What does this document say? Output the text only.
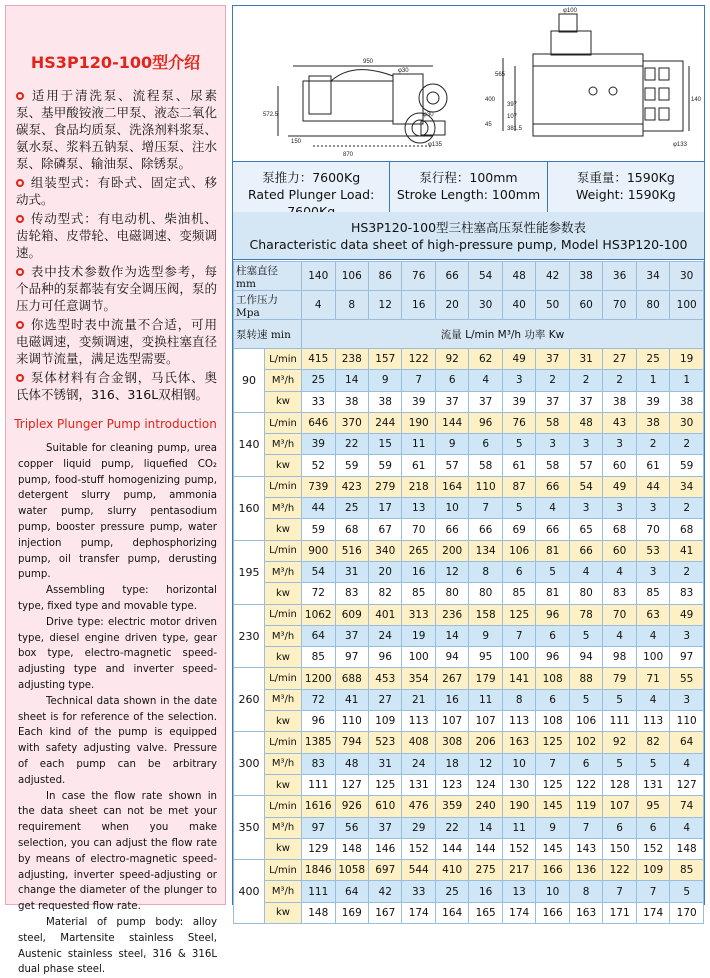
HS3P120-100型介绍
适用于清洗泵、流程泵、尿素泵、基甲酸铵液二甲泵、液态二氧化碳泵、食品均质泵、洗涤剂料浆泵、氨水泵、浆料五钠泵、增压泵、注水泵、除磷泵、输油泵、除锈泵。
组装型式：有卧式、固定式、移动式。
传动型式：有电动机、柴油机、齿轮箱、皮带轮、电磁调速、变频调速。
表中技术参数作为选型参考，每个品种的泵都装有安全调压阀，泵的压力可任意调节。
你选型时表中流量不合适，可用电磁调速，变频调速，变换柱塞直径来调节流量，满足选型需要。
泵体材料有合金钢，马氏体、奥氏体不锈钢，316、316L双相钢。
Triplex Plunger Pump introduction

Suitable for cleaning pump, urea copper liquid pump, liquefied CO₂ pump, food-stuff homogenizing pump, detergent slurry pump, ammonia water pump, slurry pentasodium pump, booster pressure pump, water injection pump, dephosphorizing pump, oil transfer pump, derusting pump.

Assembling type: horizontal type, fixed type and movable type.

Drive type: electric motor driven type, diesel engine driven type, gear box type, electro-magnetic speed-adjusting type and inverter speed-adjusting type.

Technical data shown in the date sheet is for reference of the selection. Each kind of the pump is equipped with safety adjusting valve. Pressure of each pump can be arbitrary adjusted.

In case the flow rate shown in the data sheet can not be met your requirement when you make selection, you can adjust the flow rate by means of electro-magnetic speed-adjusting, inverter speed-adjusting or change the diameter of the plunger to get requested flow rate.

Material of pump body: alloy steel, Martensite stainless Steel, Austenic stainless steel, 316 & 316L dual phase steel.

950
φ100
φ30
870
150
572.5
φ135
φ30
565
400
397
107
381.5
45
140
φ133
泵推力：7600Kg
Rated Plunger Load:
泵行程：100mm
Stroke Length: 100mm
泵重量：1590Kg
Weight: 1590Kg
HS3P120-100型三柱塞高压泵性能参数表
Characteristic data sheet of high-pressure pump, Model HS3P120-100
柱塞直径 mm		140	106	86	76	66	54	48	42	38	36	34	30
工作压力 Mpa		4	8	12	16	20	30	40	50	60	70	80	100
泵转速 min		流量 L/min M³/h 功率 Kw											
90	L/min	415	238	157	122	92	62	49	37	31	27	25	19
	M³/h	25	14	9	7	6	4	3	2	2	2	1	1
	kw	33	38	38	39	37	37	39	37	37	38	39	38
140	L/min	646	370	244	190	144	96	76	58	48	43	38	30
	M³/h	39	22	15	11	9	6	5	3	3	3	2	2
	kw	52	59	59	61	57	58	61	58	57	60	61	59
160	L/min	739	423	279	218	164	110	87	66	54	49	44	34
	M³/h	44	25	17	13	10	7	5	4	3	3	3	2
	kw	59	68	67	70	66	66	69	66	65	68	70	68
195	L/min	900	516	340	265	200	134	106	81	66	60	53	41
	M³/h	54	31	20	16	12	8	6	5	4	4	3	2
	kw	72	83	82	85	80	80	85	81	80	83	85	83
230	L/min	1062	609	401	313	236	158	125	96	78	70	63	49
	M³/h	64	37	24	19	14	9	7	6	5	4	4	3
	kw	85	97	96	100	94	95	100	96	94	98	100	97
260	L/min	1200	688	453	354	267	179	141	108	88	79	71	55
	M³/h	72	41	27	21	16	11	8	6	5	5	4	3
	kw	96	110	109	113	107	107	113	108	106	111	113	110
300	L/min	1385	794	523	408	308	206	163	125	102	92	82	64
	M³/h	83	48	31	24	18	12	10	7	6	5	5	4
	kw	111	127	125	131	123	124	130	125	122	128	131	127
350	L/min	1616	926	610	476	359	240	190	145	119	107	95	74
	M³/h	97	56	37	29	22	14	11	9	7	6	6	4
	kw	129	148	146	152	144	144	152	145	143	150	152	148
400	L/min	1846	1058	697	544	410	275	217	166	136	122	109	85
	M³/h	111	64	42	33	25	16	13	10	8	7	7	5
	kw	148	169	167	174	164	165	174	166	163	171	174	170
